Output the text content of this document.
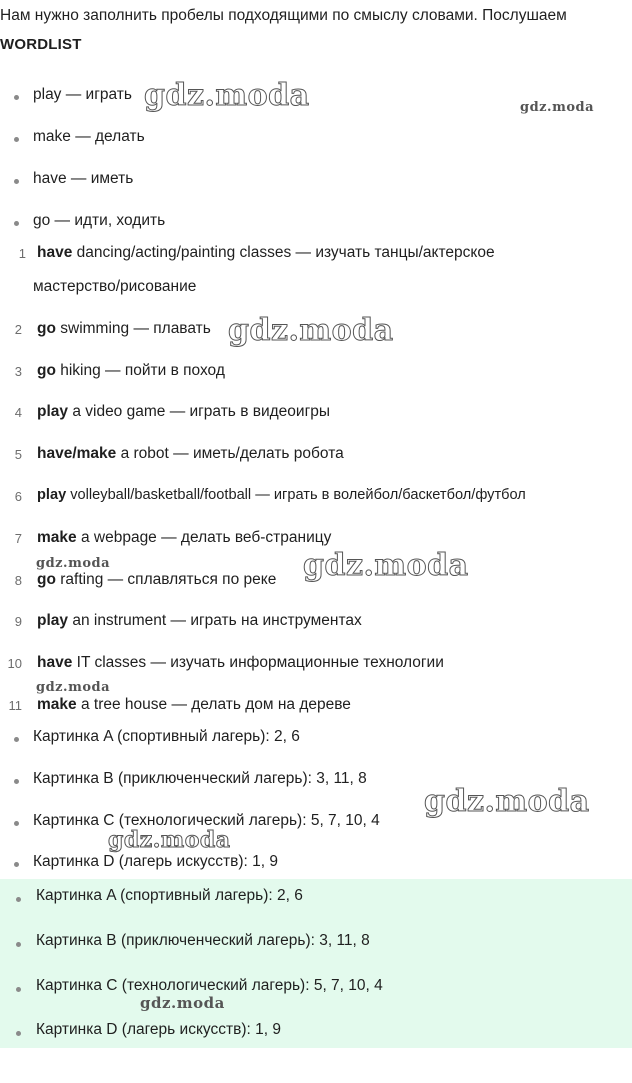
Нам нужно заполнить пробелы подходящими по смыслу словами. Послушаем
WORDLIST
play — играть
make — делать
have — иметь
go — идти, ходить
1 have dancing/acting/painting classes — изучать танцы/актерское
мастерство/рисование
2 go swimming — плавать
3 go hiking — пойти в поход
4 play a video game — играть в видеоигры
5 have/make a robot — иметь/делать робота
6 play volleyball/basketball/football — играть в волейбол/баскетбол/футбол
7 make a webpage — делать веб-страницу
8 go rafting — сплавляться по реке
9 play an instrument — играть на инструментах
10 have IT classes — изучать информационные технологии
11 make a tree house — делать дом на дереве
Картинка A (спортивный лагерь): 2, 6
Картинка B (приключенческий лагерь): 3, 11, 8
Картинка C (технологический лагерь): 5, 7, 10, 4
Картинка D (лагерь искусств): 1, 9
Картинка A (спортивный лагерь): 2, 6
Картинка B (приключенческий лагерь): 3, 11, 8
Картинка C (технологический лагерь): 5, 7, 10, 4
Картинка D (лагерь искусств): 1, 9
gdz.moda	gdz.moda
gdz.moda
gdz.moda	gdz.moda
gdz.moda
gdz.moda
gdz.moda
gdz.moda
